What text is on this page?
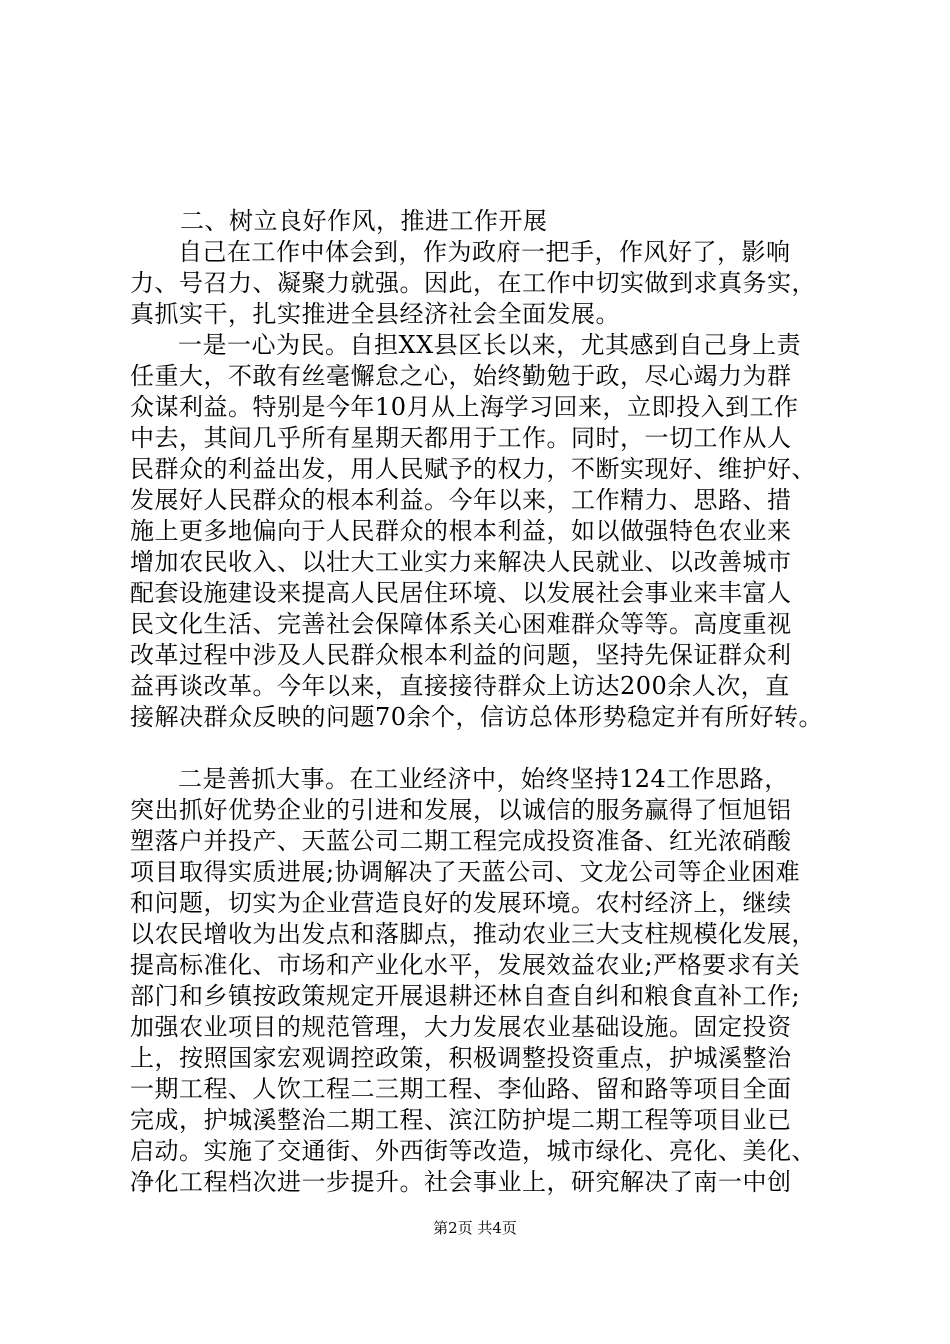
二、树立良好作风，推进工作开展
自己在工作中体会到，作为政府一把手，作风好了，影响
力、号召力、凝聚力就强。因此，在工作中切实做到求真务实，
真抓实干，扎实推进全县经济社会全面发展。
一是一心为民。自担XX县区长以来，尤其感到自己身上责
任重大，不敢有丝毫懈怠之心，始终勤勉于政，尽心竭力为群
众谋利益。特别是今年10月从上海学习回来，立即投入到工作
中去，其间几乎所有星期天都用于工作。同时，一切工作从人
民群众的利益出发，用人民赋予的权力，不断实现好、维护好、
发展好人民群众的根本利益。今年以来，工作精力、思路、措
施上更多地偏向于人民群众的根本利益，如以做强特色农业来
增加农民收入、以壮大工业实力来解决人民就业、以改善城市
配套设施建设来提高人民居住环境、以发展社会事业来丰富人
民文化生活、完善社会保障体系关心困难群众等等。高度重视
改革过程中涉及人民群众根本利益的问题，坚持先保证群众利
益再谈改革。今年以来，直接接待群众上访达200余人次，直
接解决群众反映的问题70余个，信访总体形势稳定并有所好转。
二是善抓大事。在工业经济中，始终坚持124工作思路，
突出抓好优势企业的引进和发展，以诚信的服务赢得了恒旭铝
塑落户并投产、天蓝公司二期工程完成投资准备、红光浓硝酸
项目取得实质进展;协调解决了天蓝公司、文龙公司等企业困难
和问题，切实为企业营造良好的发展环境。农村经济上，继续
以农民增收为出发点和落脚点，推动农业三大支柱规模化发展，
提高标准化、市场和产业化水平，发展效益农业;严格要求有关
部门和乡镇按政策规定开展退耕还林自查自纠和粮食直补工作;
加强农业项目的规范管理，大力发展农业基础设施。固定投资
上，按照国家宏观调控政策，积极调整投资重点，护城溪整治
一期工程、人饮工程二三期工程、李仙路、留和路等项目全面
完成，护城溪整治二期工程、滨江防护堤二期工程等项目业已
启动。实施了交通街、外西街等改造，城市绿化、亮化、美化、
净化工程档次进一步提升。社会事业上，研究解决了南一中创
第2页 共4页
